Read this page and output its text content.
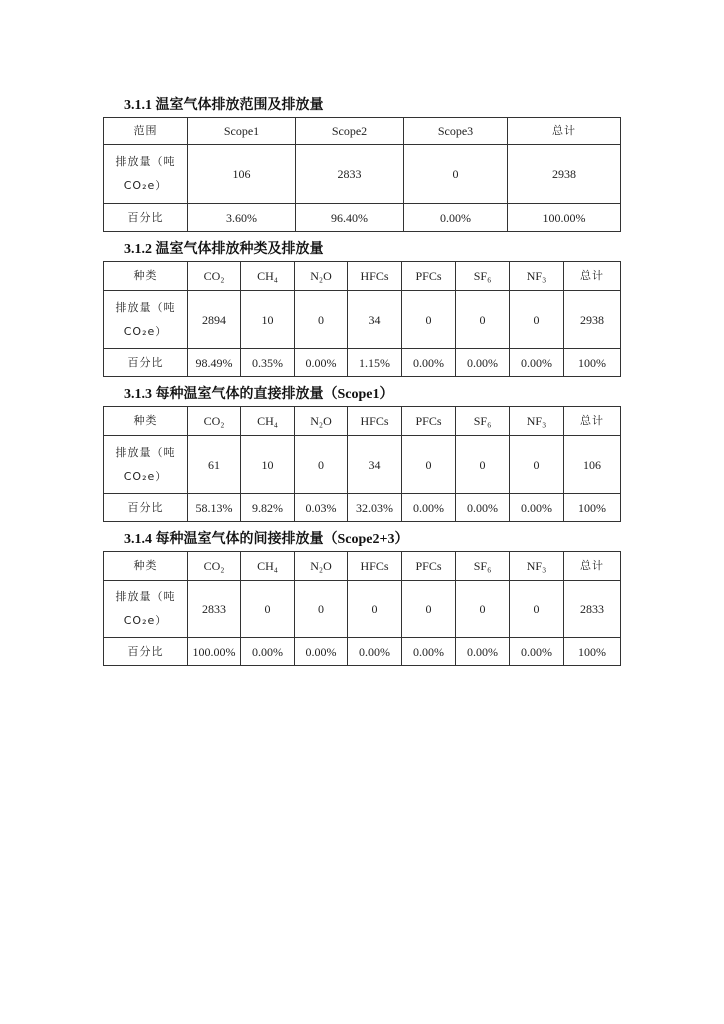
3.1.1 温室气体排放范围及排放量
范围	Scope1	Scope2	Scope3	总计

排放量（吨
CO₂e）	106	2833	0	2938
百分比	3.60%	96.40%	0.00%	100.00%
3.1.2 温室气体排放种类及排放量
种类	CO₂	CH₄	N₂O	HFCs	PFCs	SF₆	NF₃	总计

排放量（吨
CO₂e）	2894	10	0	34	0	0	0	2938
百分比	98.49%	0.35%	0.00%	1.15%	0.00%	0.00%	0.00%	100%
3.1.3 每种温室气体的直接排放量（Scope1）
种类	CO₂	CH₄	N₂O	HFCs	PFCs	SF₆	NF₃	总计

排放量（吨
CO₂e）	61	10	0	34	0	0	0	106
百分比	58.13%	9.82%	0.03%	32.03%	0.00%	0.00%	0.00%	100%
3.1.4 每种温室气体的间接排放量（Scope2+3）
种类	CO₂	CH₄	N₂O	HFCs	PFCs	SF₆	NF₃	总计

排放量（吨
CO₂e）	2833	0	0	0	0	0	0	2833
百分比	100.00%	0.00%	0.00%	0.00%	0.00%	0.00%	0.00%	100%
